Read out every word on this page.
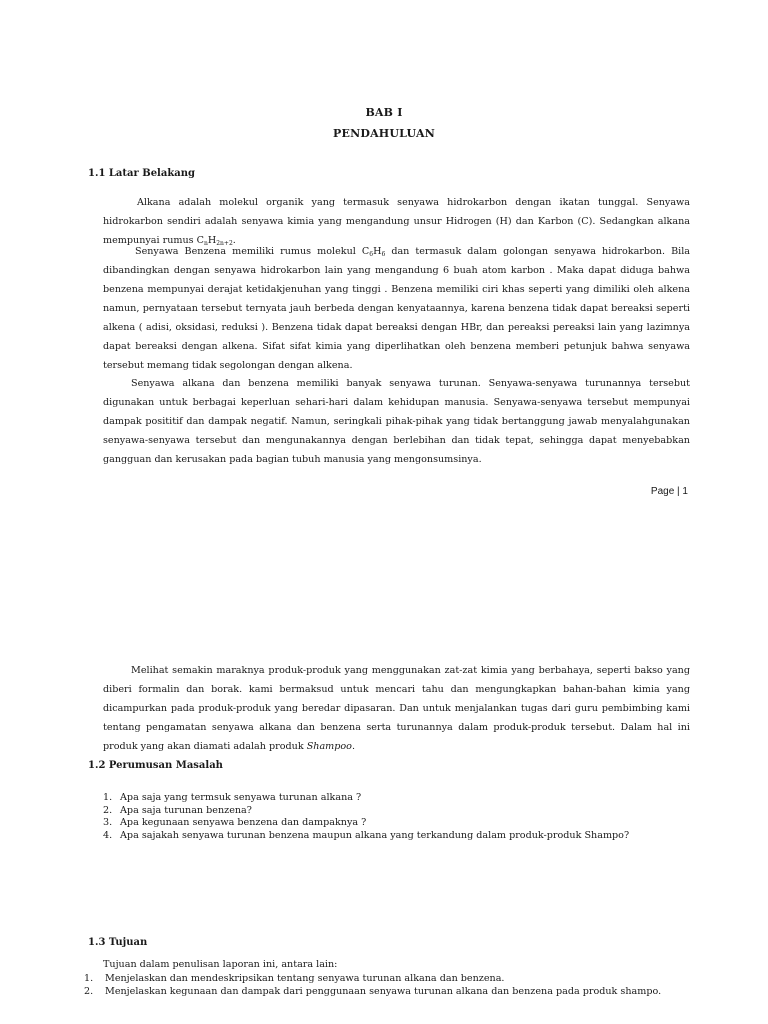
BAB I
PENDAHULUAN
1.1 Latar Belakang

Alkana adalah molekul organik yang termasuk senyawa hidrokarbon dengan ikatan tunggal. Senyawa hidrokarbon sendiri adalah senyawa kimia yang mengandung unsur Hidrogen (H) dan Karbon (C). Sedangkan alkana mempunyai rumus $C_nH_{2n+2}$.

Senyawa Benzena memiliki rumus molekul $C_6H_6$ dan termasuk dalam golongan senyawa hidrokarbon. Bila dibandingkan dengan senyawa hidrokarbon lain yang mengandung 6 buah atom karbon . Maka dapat diduga bahwa benzena mempunyai derajat ketidakjenuhan yang tinggi . Benzena memiliki ciri khas seperti yang dimiliki oleh alkena namun, pernyataan tersebut ternyata jauh berbeda dengan kenyataannya, karena benzena tidak dapat bereaksi seperti alkena ( adisi, oksidasi, reduksi ). Benzena tidak dapat bereaksi dengan HBr, dan pereaksi pereaksi lain yang lazimnya dapat bereaksi dengan alkena. Sifat sifat kimia yang diperlihatkan oleh benzena memberi petunjuk bahwa senyawa tersebut memang tidak segolongan dengan alkena.

Senyawa alkana dan benzena memiliki banyak senyawa turunan. Senyawa-senyawa turunannya tersebut digunakan untuk berbagai keperluan sehari-hari dalam kehidupan manusia. Senyawa-senyawa tersebut mempunyai dampak posititif dan dampak negatif. Namun, seringkali pihak-pihak yang tidak bertanggung jawab menyalahgunakan senyawa-senyawa tersebut dan mengunakannya dengan berlebihan dan tidak tepat, sehingga dapat menyebabkan gangguan dan kerusakan pada bagian tubuh manusia yang mengonsumsinya.

Page | 1

Melihat semakin maraknya produk-produk yang menggunakan zat-zat kimia yang berbahaya, seperti bakso yang diberi formalin dan borak. kami bermaksud untuk mencari tahu dan mengungkapkan bahan-bahan kimia yang dicampurkan pada produk-produk yang beredar dipasaran. Dan untuk menjalankan tugas dari guru pembimbing kami tentang pengamatan senyawa alkana dan benzena serta turunannya dalam produk-produk tersebut. Dalam hal ini produk yang akan diamati adalah produk Shampoo.

1.2 Perumusan Masalah
1. Apa saja yang termsuk senyawa turunan alkana ?
2. Apa saja turunan benzena?
3. Apa kegunaan senyawa benzena dan dampaknya ?
4. Apa sajakah senyawa turunan benzena maupun alkana yang terkandung dalam produk-produk Shampo?
1.3 Tujuan
Tujuan dalam penulisan laporan ini, antara lain:
1. Menjelaskan dan mendeskripsikan tentang senyawa turunan alkana dan benzena.
2. Menjelaskan kegunaan dan dampak dari penggunaan senyawa turunan alkana dan benzena pada produk shampo.
